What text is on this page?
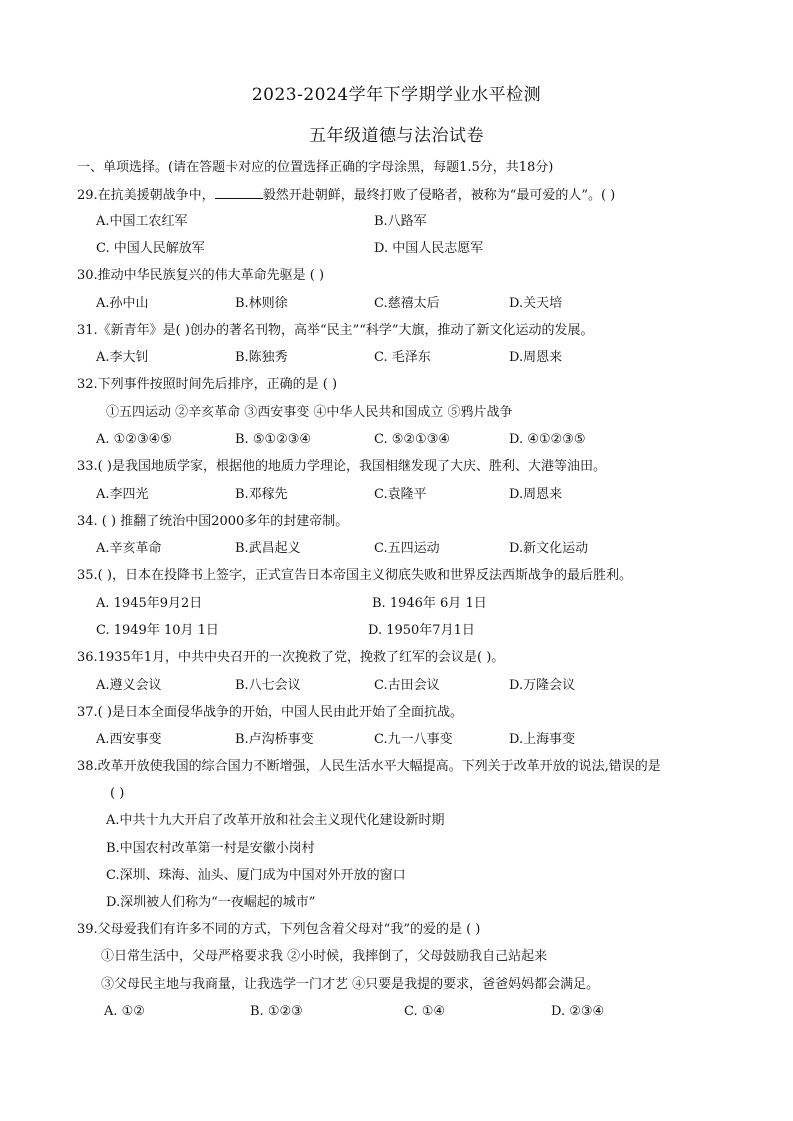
2023-2024学年下学期学业水平检测
五年级道德与法治试卷
一、单项选择。(请在答题卡对应的位置选择正确的字母涂黑，每题1.5分，共18分)
29.在抗美援朝战争中，	毅然开赴朝鲜，最终打败了侵略者，被称为“最可爱的人”。( )
A.中国工农红军	B.八路军
C. 中国人民解放军	D. 中国人民志愿军
30.推动中华民族复兴的伟大革命先驱是 ( )
A.孙中山	B.林则徐	C.慈禧太后	D.关天培
31.《新青年》是( )创办的著名刊物，高举“民主”“科学”大旗，推动了新文化运动的发展。
A.李大钊	B.陈独秀	C. 毛泽东	D.周恩来
32.下列事件按照时间先后排序，正确的是 ( )
①五四运动 ②辛亥革命 ③西安事变 ④中华人民共和国成立 ⑤鸦片战争
A. ①②③④⑤	B. ⑤①②③④	C. ⑤②①③④	D. ④①②③⑤
33.( )是我国地质学家，根据他的地质力学理论，我国相继发现了大庆、胜利、大港等油田。
A.李四光	B.邓稼先	C.袁隆平	D.周恩来
34. ( ) 推翻了统治中国2000多年的封建帝制。
A.辛亥革命	B.武昌起义	C.五四运动	D.新文化运动
35.( )，日本在投降书上签字，正式宣告日本帝国主义彻底失败和世界反法西斯战争的最后胜利。
A. 1945年9月2日	B. 1946年 6月 1日
C. 1949年 10月 1日	D. 1950年7月1日
36.1935年1月，中共中央召开的一次挽救了党，挽救了红军的会议是( )。
A.遵义会议	B.八七会议	C.古田会议	D.万隆会议
37.( )是日本全面侵华战争的开始，中国人民由此开始了全面抗战。
A.西安事变	B.卢沟桥事变	C.九一八事变	D.上海事变
38.改革开放使我国的综合国力不断增强，人民生活水平大幅提高。下列关于改革开放的说法,错误的是
( )
A.中共十九大开启了改革开放和社会主义现代化建设新时期
B.中国农村改革第一村是安徽小岗村
C.深圳、珠海、汕头、厦门成为中国对外开放的窗口
D.深圳被人们称为“一夜崛起的城市”
39.父母爱我们有许多不同的方式，下列包含着父母对“我”的爱的是 ( )
①日常生活中，父母严格要求我 ②小时候，我摔倒了，父母鼓励我自己站起来
③父母民主地与我商量，让我选学一门才艺 ④只要是我提的要求，爸爸妈妈都会满足。
A. ①②	B. ①②③	C. ①④	D. ②③④
